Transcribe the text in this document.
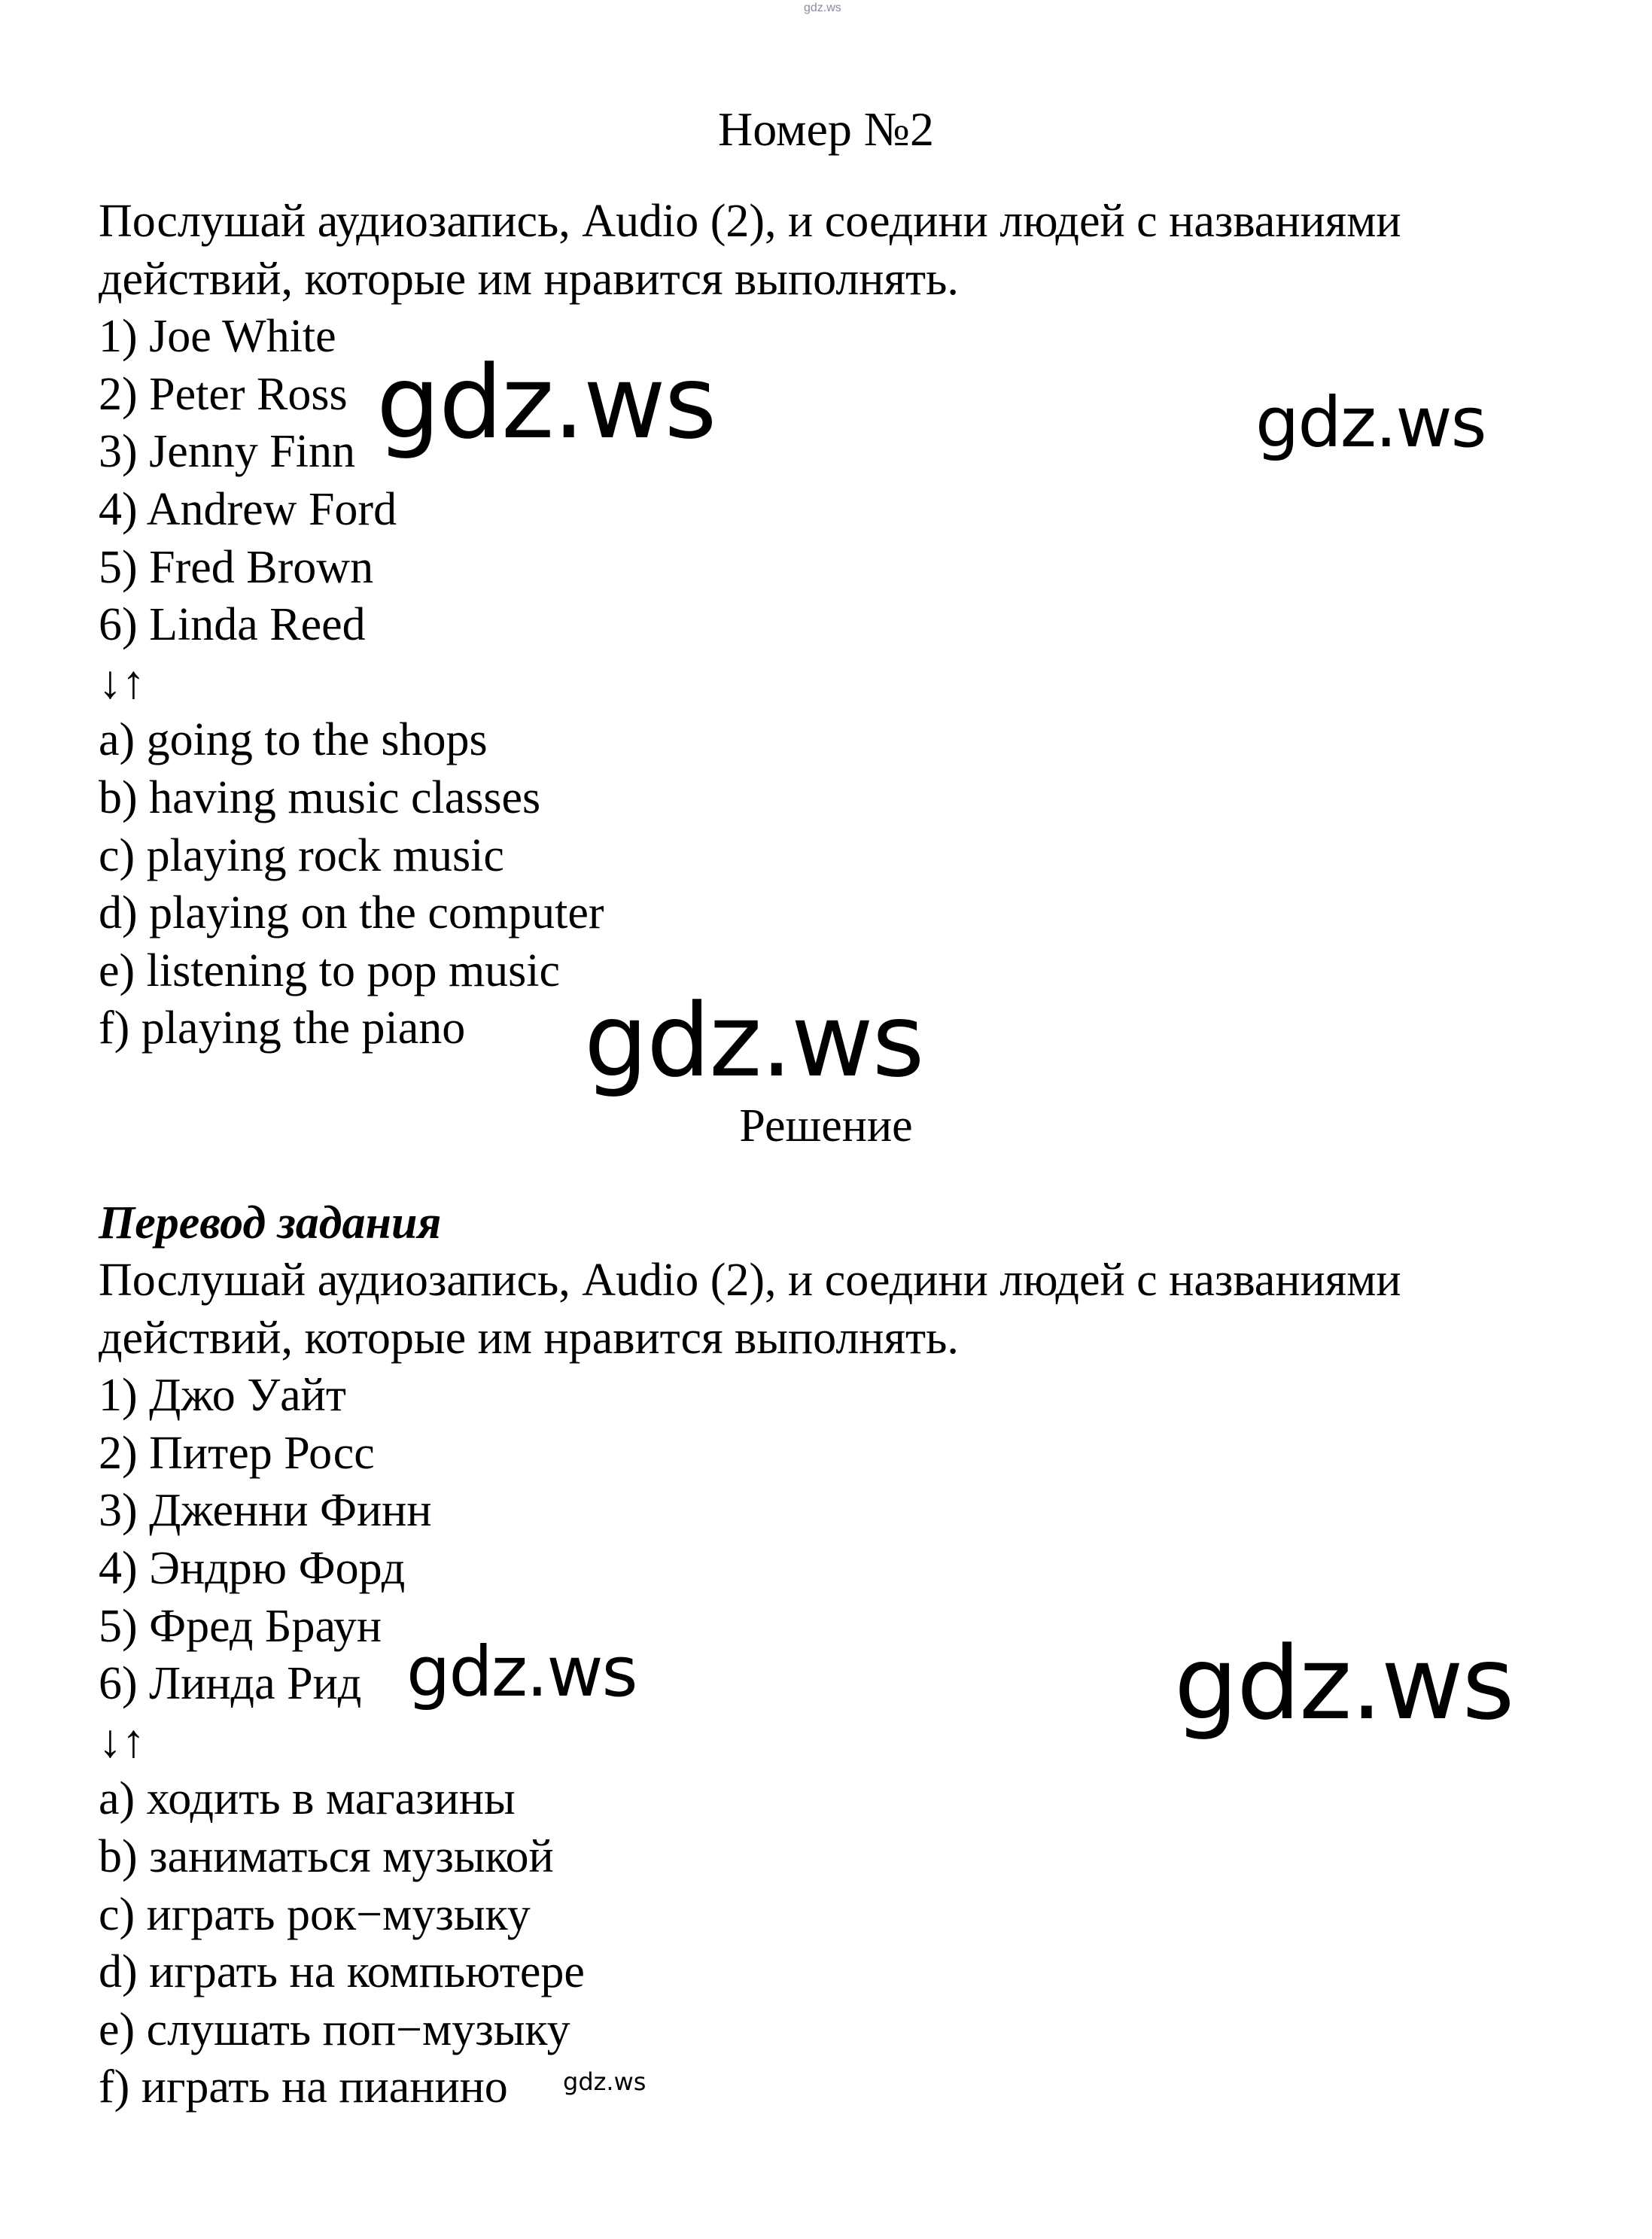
gdz.ws
Номер №2
Послушай аудиозапись, Audio (2), и соедини людей с названиями
действий, которые им нравится выполнять.
1) Joe White
2) Peter Ross
3) Jenny Finn
4) Andrew Ford
5) Fred Brown
6) Linda Reed
↓↑
a) going to the shops
b) having music classes
c) playing rock music
d) playing on the computer
e) listening to pop music
f) playing the piano
Решение
Перевод задания
Послушай аудиозапись, Audio (2), и соедини людей с названиями
действий, которые им нравится выполнять.
1) Джо Уайт
2) Питер Росс
3) Дженни Финн
4) Эндрю Форд
5) Фред Браун
6) Линда Рид
↓↑
a) ходить в магазины
b) заниматься музыкой
c) играть рок−музыку
d) играть на компьютере
e) слушать поп−музыку
f) играть на пианино
gdz.ws	gdz.ws
gdz.ws
gdz.ws	gdz.ws
gdz.ws
